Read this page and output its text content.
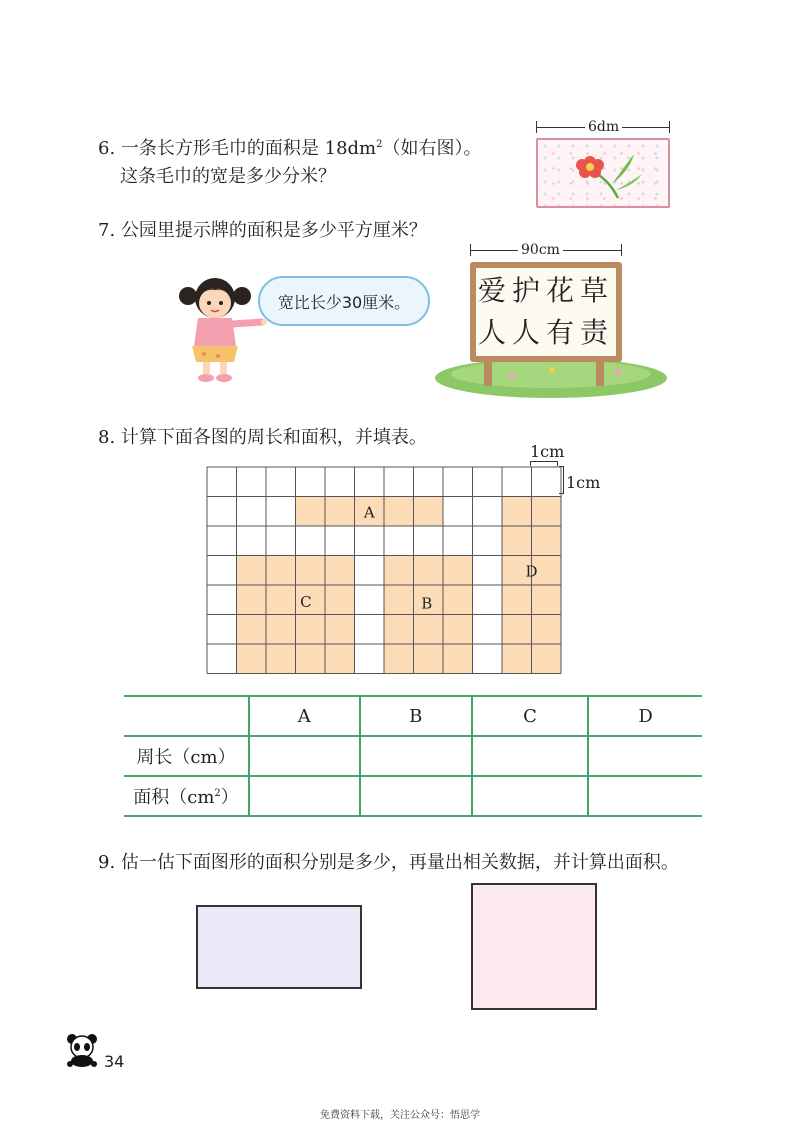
6. 一条长方形毛巾的面积是 $18dm^2$（如右图）。
这条毛巾的宽是多少分米？
6dm
7. 公园里提示牌的面积是多少平方厘米？
宽比长少30厘米。	爱护花草
人人有责
90cm
8. 计算下面各图的周长和面积，并填表。
1cm
1cm
A
B
C
D
	A	B	C	D
周长（cm）				
面积$(cm^2)$				
9. 估一估下面图形的面积分别是多少，再量出相关数据，并计算出面积。
34
免费资料下载，关注公众号：悟思学
